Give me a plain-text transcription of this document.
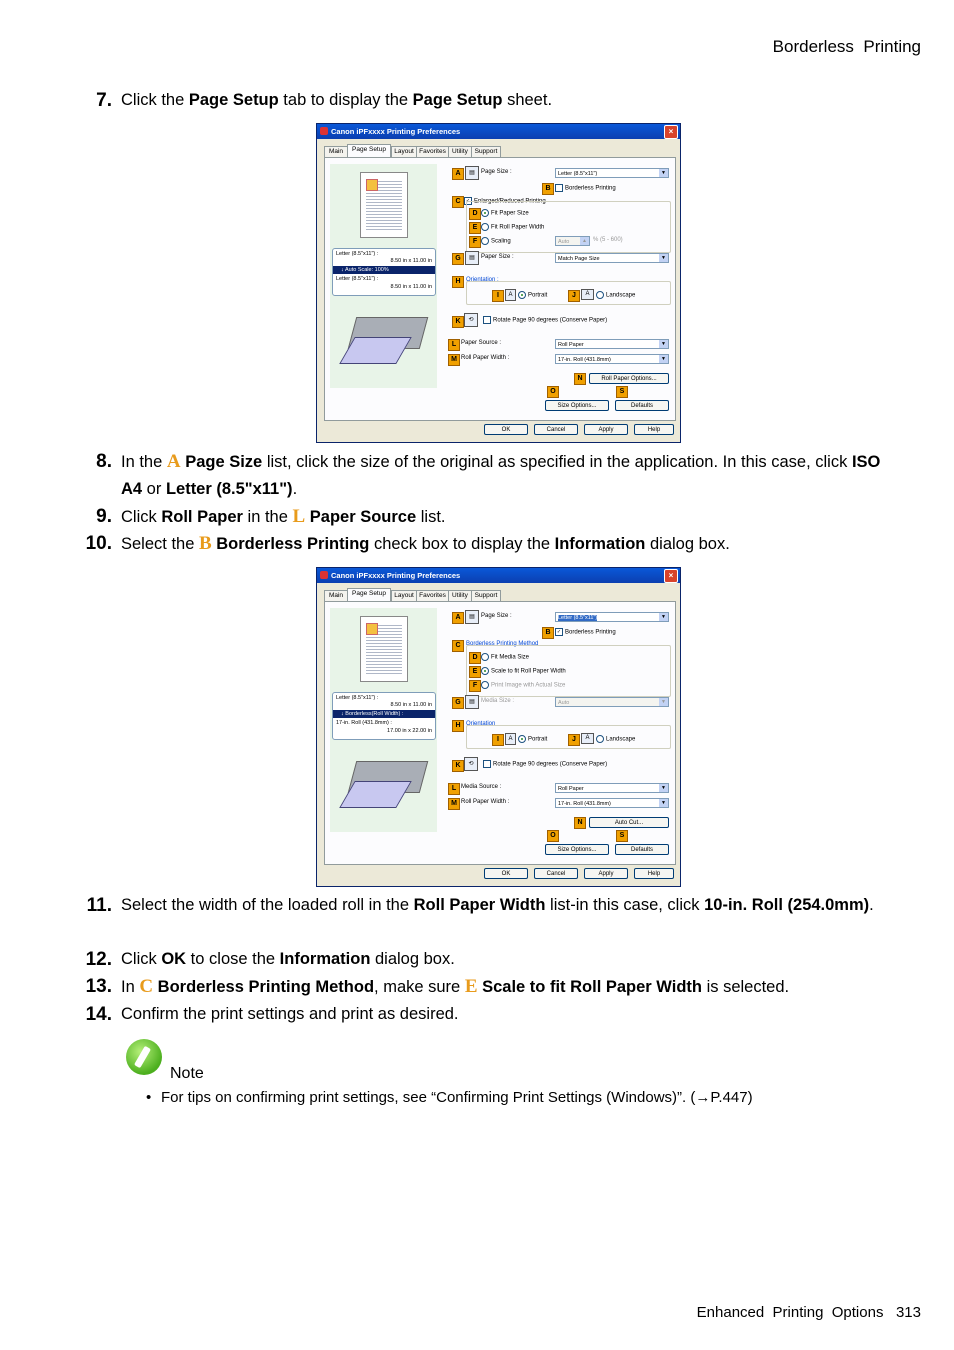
Borderless  Printing
7. Click the Page Setup tab to display the Page Setup sheet.
Canon iPFxxxx Printing Preferences	×
Main	Page Setup	Layout Favorites Utility	Support
Letter (8.5"x11") :
8.50 in x 11.00 in
↓ Auto Scale: 100%
Letter (8.5"x11") :
8.50 in x 11.00 in
A	▤	Page Size :	Letter (8.5"x11")	▼
B	Borderless Printing
C	✓ Enlarged/Reduced Printing
D	Fit Paper Size
E	Fit Roll Paper Width
F	Scaling	Auto	▲	% (5 - 600)
G	▤	Paper Size :	Match Page Size	▼
H Orientation :
I	A	Portrait	J	A	Landscape
K	⟲	Rotate Page 90 degrees (Conserve Paper)
L Paper Source :	Roll Paper	▼
M Roll Paper Width :	17-in. Roll (431.8mm)	▼
N	Roll Paper Options...
O	S
Size Options...	Defaults
OK	Cancel	Apply	Help
8. In the A Page Size list, click the size of the original as specified in the application. In this case, click ISO A4 or Letter (8.5"x11").
9. Click Roll Paper in the L Paper Source list.
10. Select the B Borderless Printing check box to display the Information dialog box.
Canon iPFxxxx Printing Preferences	×
Main	Page Setup	Layout Favorites Utility	Support
Letter (8.5"x11") :
8.50 in x 11.00 in
↓ Borderless(Roll Width) :
17-in. Roll (431.8mm) :
17.00 in x 22.00 in
A	▤	Page Size :	Letter (8.5"x11")	▼
B	✓ Borderless Printing
C Borderless Printing Method
D	Fit Media Size
E	Scale to fit Roll Paper Width
F	Print Image with Actual Size
G	▤	Media Size :	Auto	▼
H Orientation
I	A	Portrait	J	A	Landscape
K	⟲	Rotate Page 90 degrees (Conserve Paper)
L Media Source :	Roll Paper	▼
M Roll Paper Width :	17-in. Roll (431.8mm)	▼
N	Auto Cut...
O	S
Size Options...	Defaults
OK	Cancel	Apply	Help
11. Select the width of the loaded roll in the Roll Paper Width list-in this case, click 10-in. Roll (254.0mm).
12. Click OK to close the Information dialog box.
13. In C Borderless Printing Method, make sure E Scale to fit Roll Paper Width is selected.
14. Confirm the print settings and print as desired.
Note
• For tips on confirming print settings, see “Confirming Print Settings (Windows)”. (→P.447)

Enhanced  Printing  Options 313
